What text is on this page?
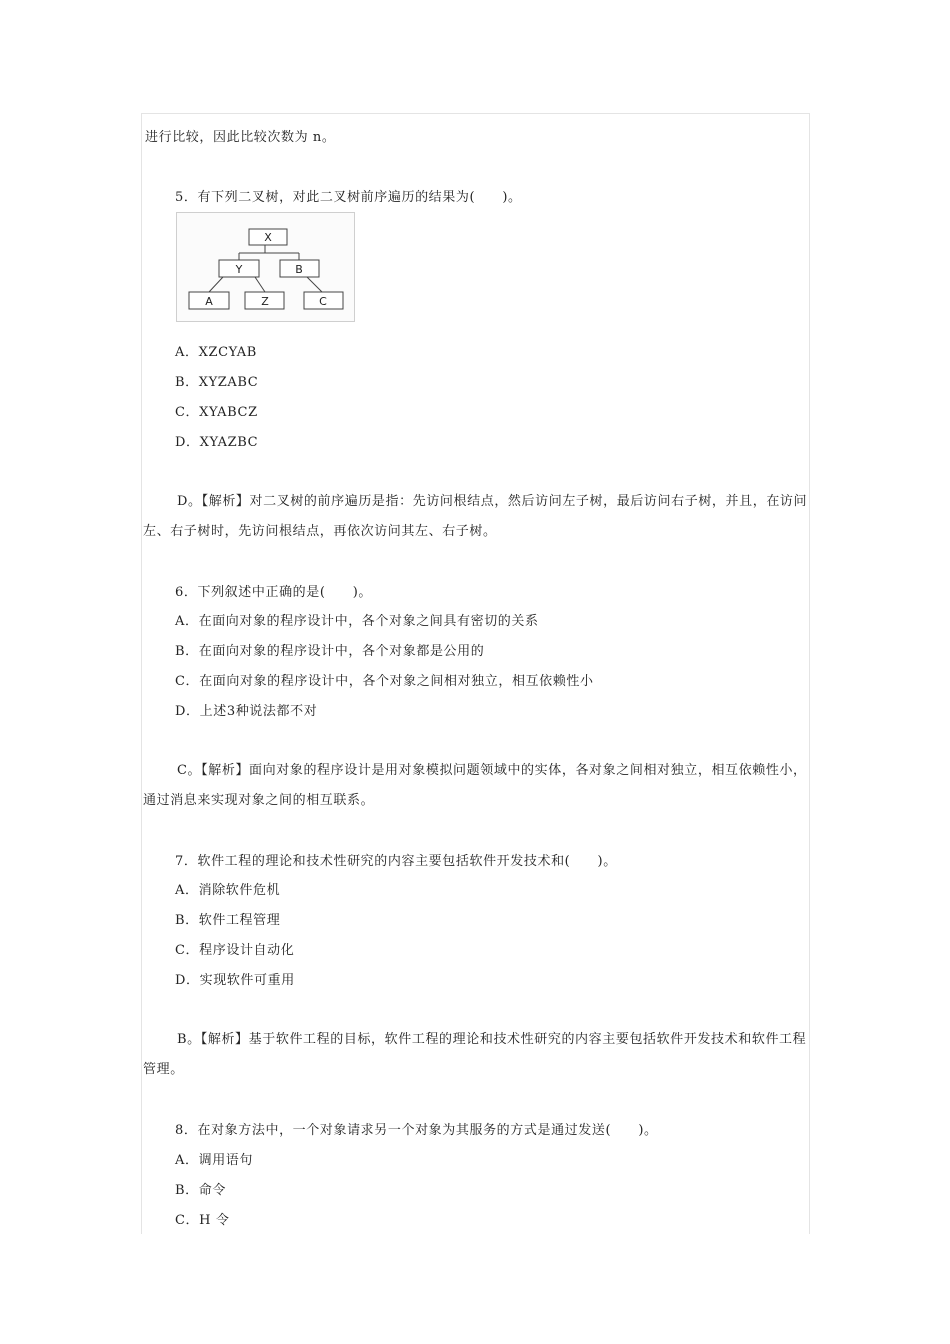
进行比较，因此比较次数为 n。
5．有下列二叉树，对此二叉树前序遍历的结果为(　　)。
X
Y	B
A	Z	C
A．XZCYAB
B．XYZABC
C．XYABCZ
D．XYAZBC
D。【解析】对二叉树的前序遍历是指：先访问根结点，然后访问左子树，最后访问右子树，并且，在访问左、右子树时，先访问根结点，再依次访问其左、右子树。
6．下列叙述中正确的是(　　)。
A．在面向对象的程序设计中，各个对象之间具有密切的关系
B．在面向对象的程序设计中，各个对象都是公用的
C．在面向对象的程序设计中，各个对象之间相对独立，相互依赖性小
D．上述3种说法都不对
C。【解析】面向对象的程序设计是用对象模拟问题领域中的实体，各对象之间相对独立，相互依赖性小，通过消息来实现对象之间的相互联系。
7．软件工程的理论和技术性研究的内容主要包括软件开发技术和(　　)。
A．消除软件危机
B．软件工程管理
C．程序设计自动化
D．实现软件可重用
B。【解析】基于软件工程的目标，软件工程的理论和技术性研究的内容主要包括软件开发技术和软件工程管理。
8．在对象方法中，一个对象请求另一个对象为其服务的方式是通过发送(　　)。
A．调用语句
B．命令
C．H 令
